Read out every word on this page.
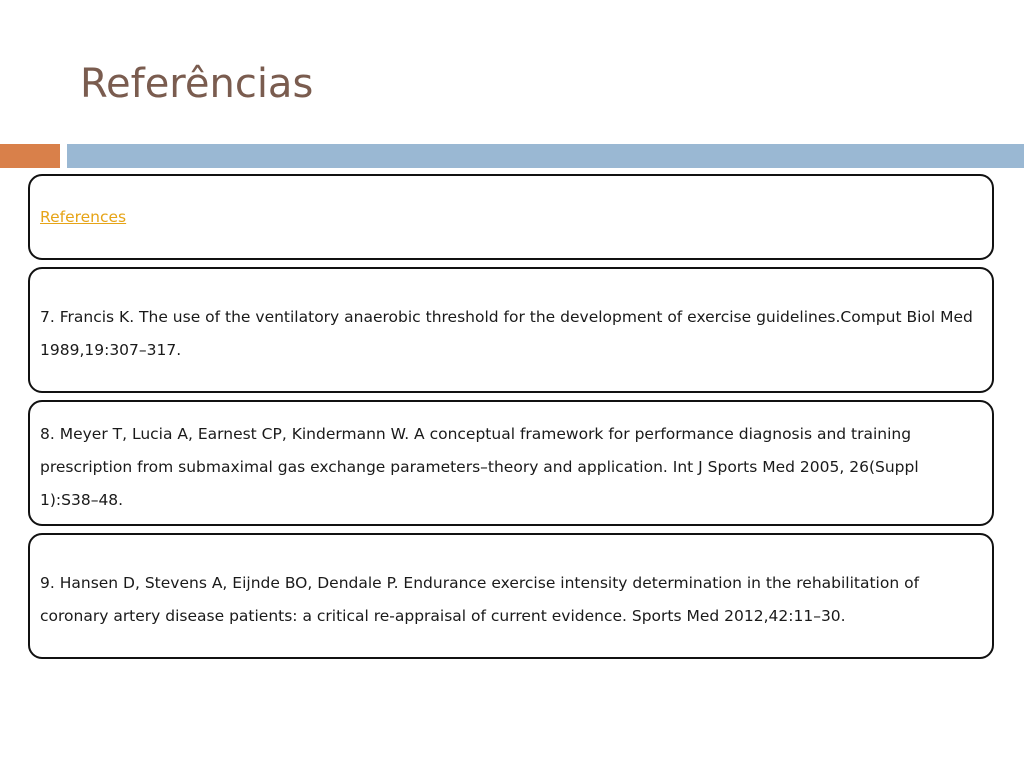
Referências
References

7. Francis K. The use of the ventilatory anaerobic threshold for the development of exercise guidelines.Comput Biol Med 1989,19:307–317.

8. Meyer T, Lucia A, Earnest CP, Kindermann W. A conceptual framework for performance diagnosis and training prescription from submaximal gas exchange parameters–theory and application. Int J Sports Med 2005, 26(Suppl 1):S38–48.

9. Hansen D, Stevens A, Eijnde BO, Dendale P. Endurance exercise intensity determination in the rehabilitation of coronary artery disease patients: a critical re-appraisal of current evidence. Sports Med 2012,42:11–30.
